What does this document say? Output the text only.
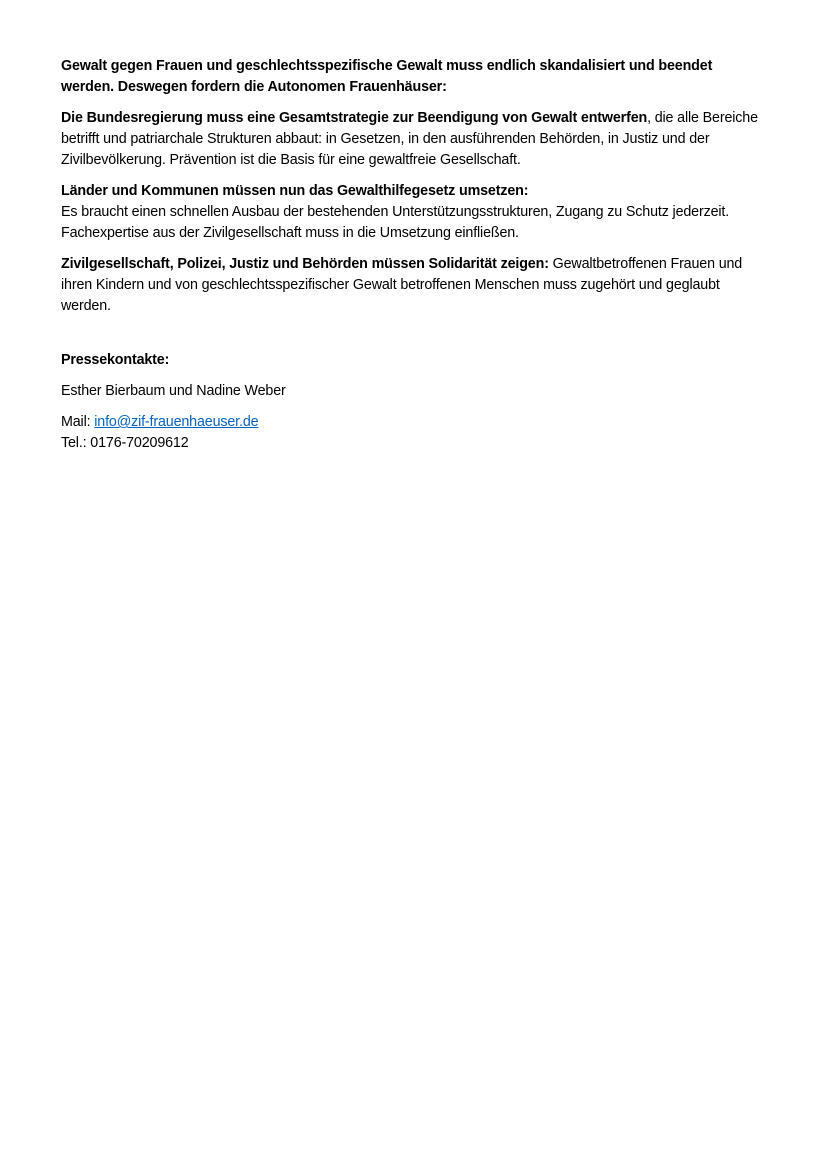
Gewalt gegen Frauen und geschlechtsspezifische Gewalt muss endlich skandalisiert und beendet werden. Deswegen fordern die Autonomen Frauenhäuser:

Die Bundesregierung muss eine Gesamtstrategie zur Beendigung von Gewalt entwerfen, die alle Bereiche betrifft und patriarchale Strukturen abbaut: in Gesetzen, in den ausführenden Behörden, in Justiz und der Zivilbevölkerung. Prävention ist die Basis für eine gewaltfreie Gesellschaft.

Länder und Kommunen müssen nun das Gewalthilfegesetz umsetzen:
Es braucht einen schnellen Ausbau der bestehenden Unterstützungsstrukturen, Zugang zu Schutz jederzeit. Fachexpertise aus der Zivilgesellschaft muss in die Umsetzung einfließen.

Zivilgesellschaft, Polizei, Justiz und Behörden müssen Solidarität zeigen: Gewaltbetroffenen Frauen und ihren Kindern und von geschlechtsspezifischer Gewalt betroffenen Menschen muss zugehört und geglaubt werden.

Pressekontakte:

Esther Bierbaum und Nadine Weber

Mail: info@zif-frauenhaeuser.de
Tel.: 0176-70209612
